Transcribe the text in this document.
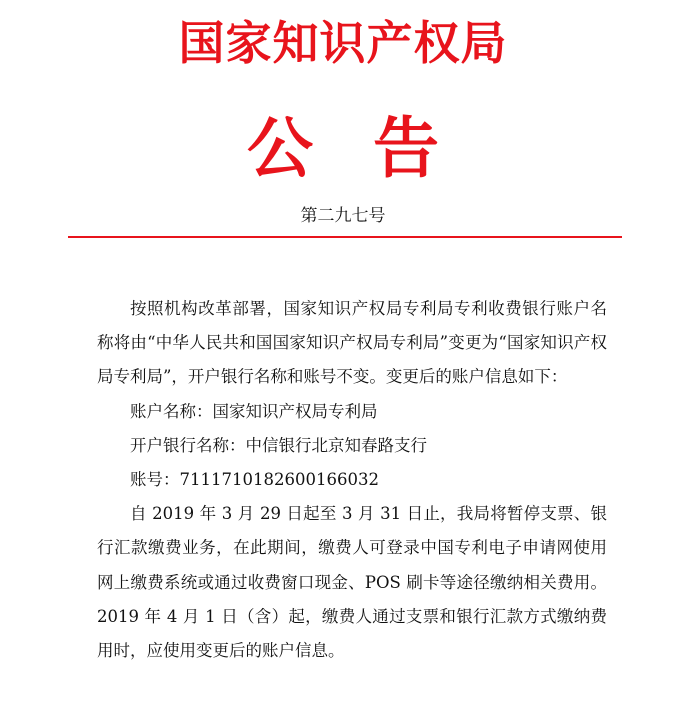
国家知识产权局
公告
第二九七号

按照机构改革部署，国家知识产权局专利局专利收费银行账户名称将由“中华人民共和国国家知识产权局专利局”变更为“国家知识产权局专利局”，开户银行名称和账号不变。变更后的账户信息如下：

账户名称：国家知识产权局专利局

开户银行名称：中信银行北京知春路支行

账号：7111710182600166032

自 2019 年 3 月 29 日起至 3 月 31 日止，我局将暂停支票、银行汇款缴费业务，在此期间，缴费人可登录中国专利电子申请网使用网上缴费系统或通过收费窗口现金、POS 刷卡等途径缴纳相关费用。2019 年 4 月 1 日（含）起，缴费人通过支票和银行汇款方式缴纳费用时，应使用变更后的账户信息。
